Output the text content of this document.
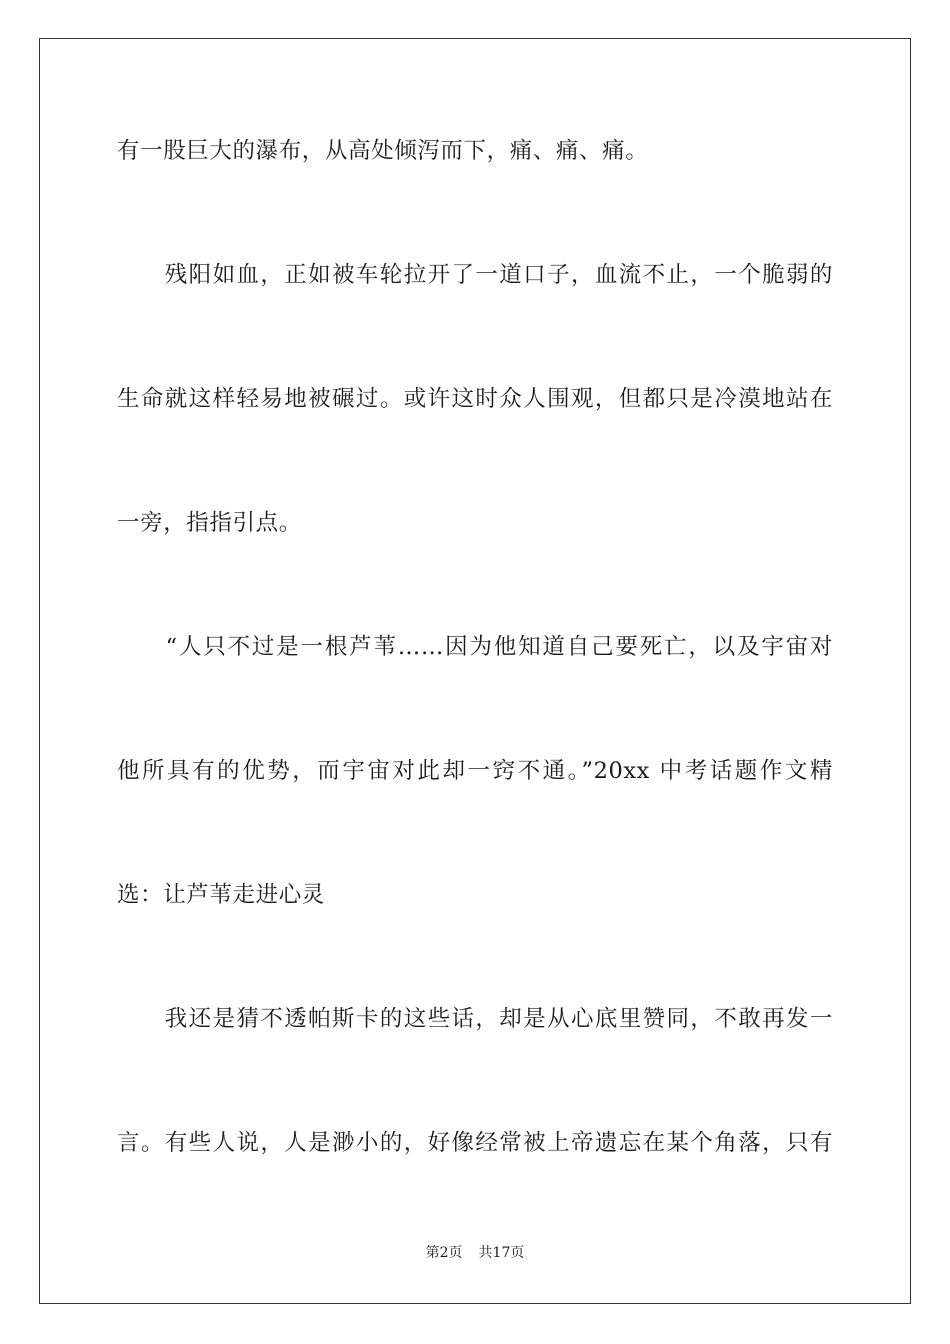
有一股巨大的瀑布，从高处倾泻而下，痛、痛、痛。
　　残阳如血，正如被车轮拉开了一道口子，血流不止，一个脆弱的
生命就这样轻易地被碾过。或许这时众人围观，但都只是冷漠地站在
一旁，指指引点。
　　“人只不过是一根芦苇……因为他知道自己要死亡，以及宇宙对
他所具有的优势，而宇宙对此却一窍不通。”20xx 中考话题作文精
选：让芦苇走进心灵
　　我还是猜不透帕斯卡的这些话，却是从心底里赞同，不敢再发一
言。有些人说，人是渺小的，好像经常被上帝遗忘在某个角落，只有
第2页 共17页
